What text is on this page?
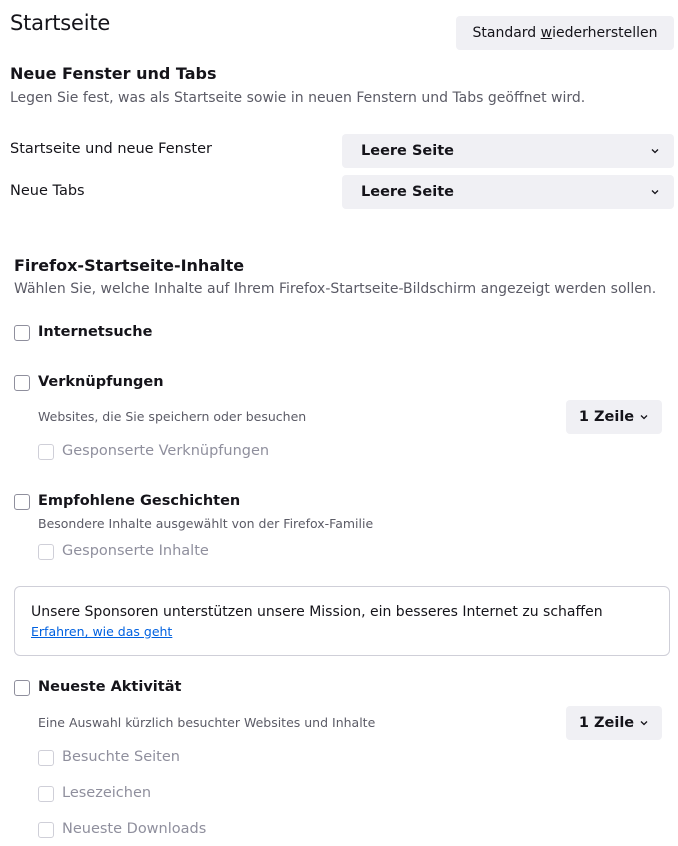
Startseite	Standard wiederherstellen
Neue Fenster und Tabs

Legen Sie fest, was als Startseite sowie in neuen Fenstern und Tabs geöffnet wird.

Startseite und neue Fenster	Leere Seite
Neue Tabs	Leere Seite
Firefox-Startseite-Inhalte

Wählen Sie, welche Inhalte auf Ihrem Firefox-Startseite-Bildschirm angezeigt werden sollen.

Internetsuche
Verknüpfungen
Websites, die Sie speichern oder besuchen	1 Zeile
Gesponserte Verknüpfungen
Empfohlene Geschichten
Besondere Inhalte ausgewählt von der Firefox-Familie
Gesponserte Inhalte
Unsere Sponsoren unterstützen unsere Mission, ein besseres Internet zu schaffen Erfahren, wie das geht
Neueste Aktivität
Eine Auswahl kürzlich besuchter Websites und Inhalte	1 Zeile
Besuchte Seiten
Lesezeichen
Neueste Downloads
